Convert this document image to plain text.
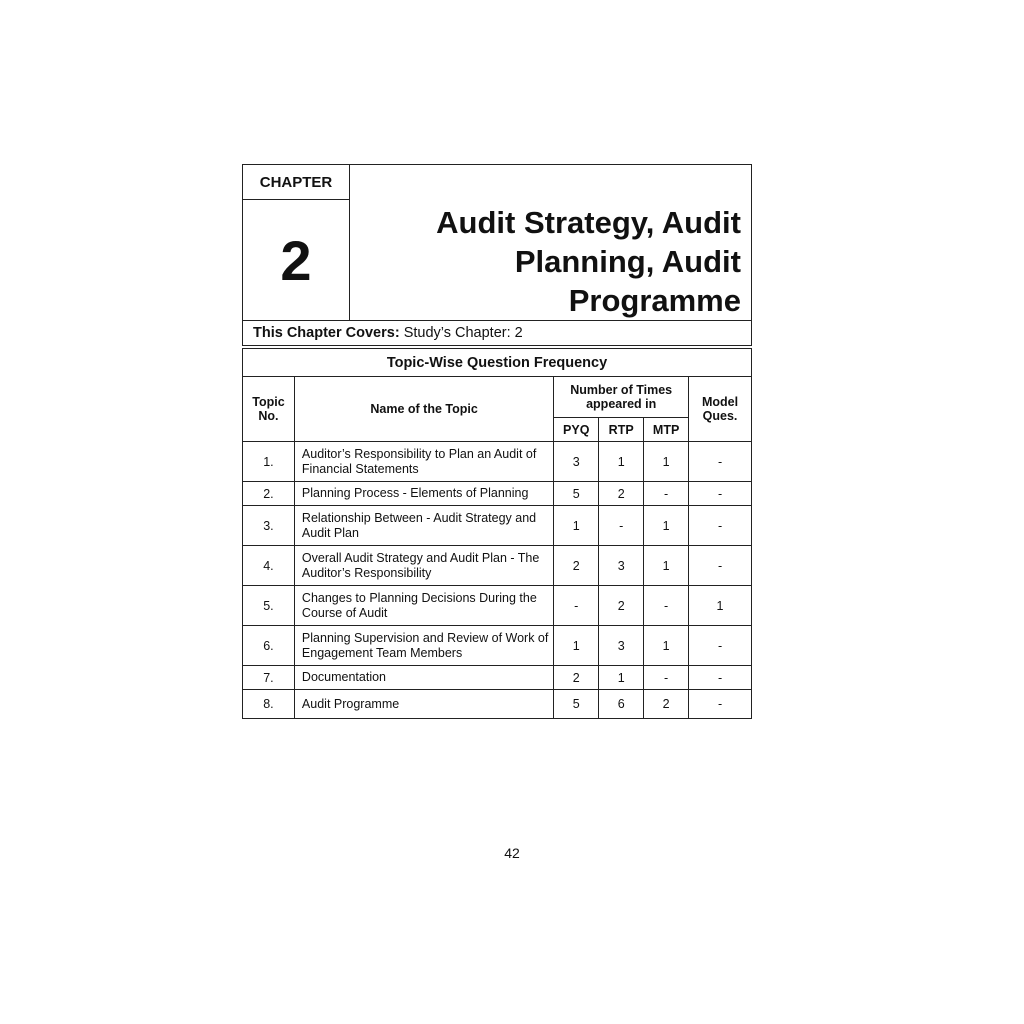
CHAPTER
2
Audit Strategy, Audit Planning, Audit Programme
This Chapter Covers: Study’s Chapter: 2
Topic-Wise Question Frequency					
Topic No.	Name of the Topic	Number of Times appeared in			Model Ques.
		PYQ	RTP	MTP	
1.	Auditor’s Responsibility to Plan an Audit of Financial Statements	3	1	1	-
2.	Planning Process - Elements of Planning	5	2	-	-
3.	Relationship Between - Audit Strategy and Audit Plan	1	-	1	-
4.	Overall Audit Strategy and Audit Plan - The Auditor’s Responsibility	2	3	1	-
5.	Changes to Planning Decisions During the Course of Audit	-	2	-	1
6.	Planning Supervision and Review of Work of Engagement Team Members	1	3	1	-
7.	Documentation	2	1	-	-
8.	Audit Programme	5	6	2	-
42
